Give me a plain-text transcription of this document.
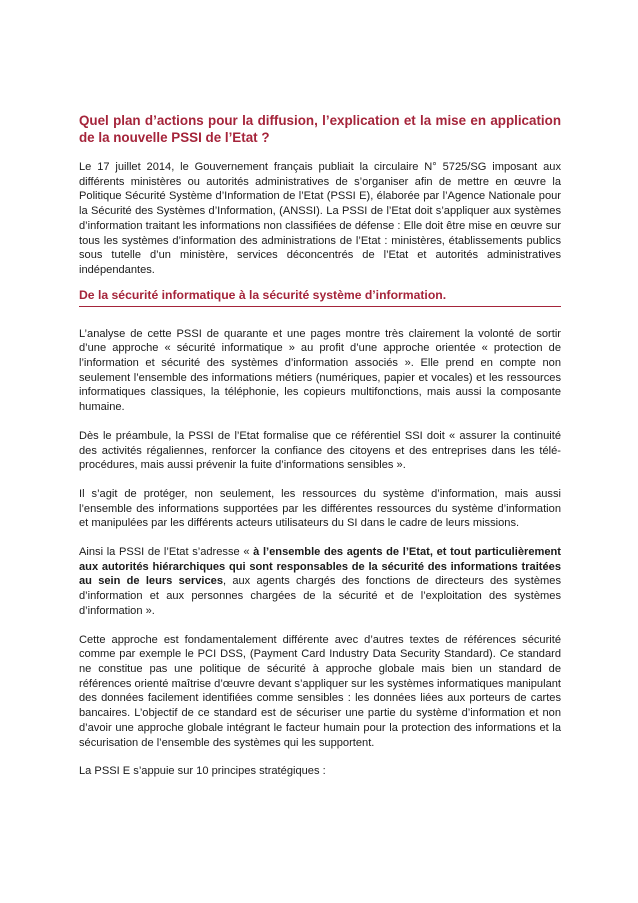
Quel plan d’actions pour la diffusion, l’explication et la mise en application de la nouvelle PSSI de l’Etat ?

Le 17 juillet 2014, le Gouvernement français publiait la circulaire N° 5725/SG imposant aux différents ministères ou autorités administratives de s’organiser afin de mettre en œuvre la Politique Sécurité Système d’Information de l’Etat (PSSI E), élaborée par l’Agence Nationale pour la Sécurité des Systèmes d’Information, (ANSSI). La PSSI de l’Etat doit s’appliquer aux systèmes d’information traitant les informations non classifiées de défense : Elle doit être mise en œuvre sur tous les systèmes d’information des administrations de l’Etat : ministères, établissements publics sous tutelle d’un ministère, services déconcentrés de l’Etat et autorités administratives indépendantes.

De la sécurité informatique à la sécurité système d’information.

L’analyse de cette PSSI de quarante et une pages montre très clairement la volonté de sortir d’une approche « sécurité informatique » au profit d’une approche orientée « protection de l’information et sécurité des systèmes d’information associés ». Elle prend en compte non seulement l’ensemble des informations métiers (numériques, papier et vocales) et les ressources informatiques classiques, la téléphonie, les copieurs multifonctions, mais aussi la composante humaine.

Dès le préambule, la PSSI de l’Etat formalise que ce référentiel SSI doit « assurer la continuité des activités régaliennes, renforcer la confiance des citoyens et des entreprises dans les télé-procédures, mais aussi prévenir la fuite d’informations sensibles ».

Il s’agit de protéger, non seulement, les ressources du système d’information, mais aussi l’ensemble des informations supportées par les différentes ressources du système d’information et manipulées par les différents acteurs utilisateurs du SI dans le cadre de leurs missions.

Ainsi la PSSI de l’Etat s’adresse « à l’ensemble des agents de l’Etat, et tout particulièrement aux autorités hiérarchiques qui sont responsables de la sécurité des informations traitées au sein de leurs services, aux agents chargés des fonctions de directeurs des systèmes d’information et aux personnes chargées de la sécurité et de l’exploitation des systèmes d’information ».

Cette approche est fondamentalement différente avec d’autres textes de références sécurité comme par exemple le PCI DSS, (Payment Card Industry Data Security Standard). Ce standard ne constitue pas une politique de sécurité à approche globale mais bien un standard de références orienté maîtrise d’œuvre devant s’appliquer sur les systèmes informatiques manipulant des données facilement identifiées comme sensibles : les données liées aux porteurs de cartes bancaires. L’objectif de ce standard est de sécuriser une partie du système d’information et non d’avoir une approche globale intégrant le facteur humain pour la protection des informations et la sécurisation de l’ensemble des systèmes qui les supportent.

La PSSI E s’appuie sur 10 principes stratégiques :
